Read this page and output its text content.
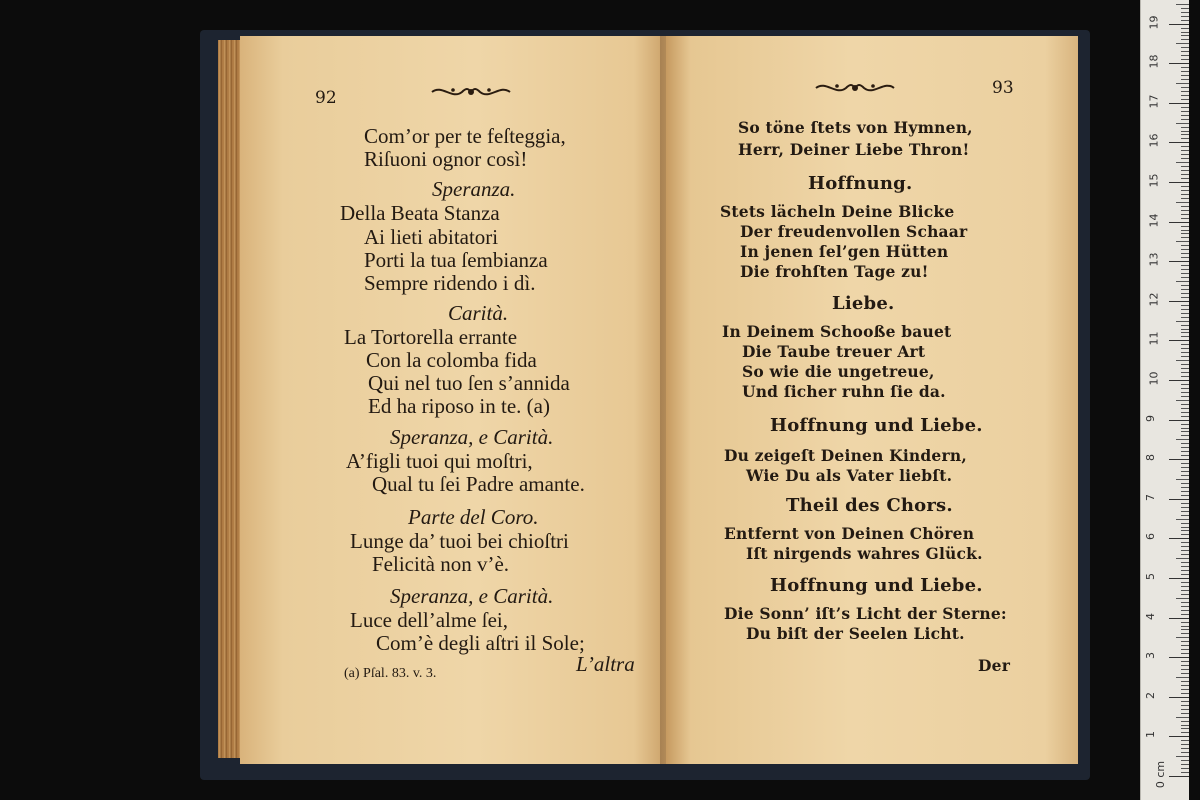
92
Com’or per te feſteggia,
Riſuoni ognor così!
Speranza.
Della Beata Stanza
Ai lieti abitatori
Porti la tua ſembianza
Sempre ridendo i dì.
Carità.
La Tortorella errante
Con la colomba fida
Qui nel tuo ſen s’annida
Ed ha riposo in te. (a)
Speranza, e Carità.
A’figli tuoi qui moſtri,
Qual tu ſei Padre amante.
Parte del Coro.
Lunge da’ tuoi bei chioſtri
Felicità non v’è.
Speranza, e Carità.
Luce dell’alme ſei,
Com’è degli aſtri il Sole;
L’altra
(a) Pſal. 83. v. 3.
93
So töne ſtets von Hymnen,
Herr, Deiner Liebe Thron!
Hoffnung.
Stets lächeln Deine Blicke
Der freudenvollen Schaar
In jenen ſel’gen Hütten
Die frohſten Tage zu!
Liebe.
In Deinem Schooße bauet
Die Taube treuer Art
So wie die ungetreue,
Und ſicher ruhn ſie da.
Hoffnung und Liebe.
Du zeigeſt Deinen Kindern,
Wie Du als Vater liebſt.
Theil des Chors.
Entfernt von Deinen Chören
Iſt nirgends wahres Glück.
Hoffnung und Liebe.
Die Sonn’ iſt’s Licht der Sterne:
Du biſt der Seelen Licht.
Der
0 cm
1
2
3
4
5
6
7
8
9
10
11
12
13
14
15
16
17
18
19
